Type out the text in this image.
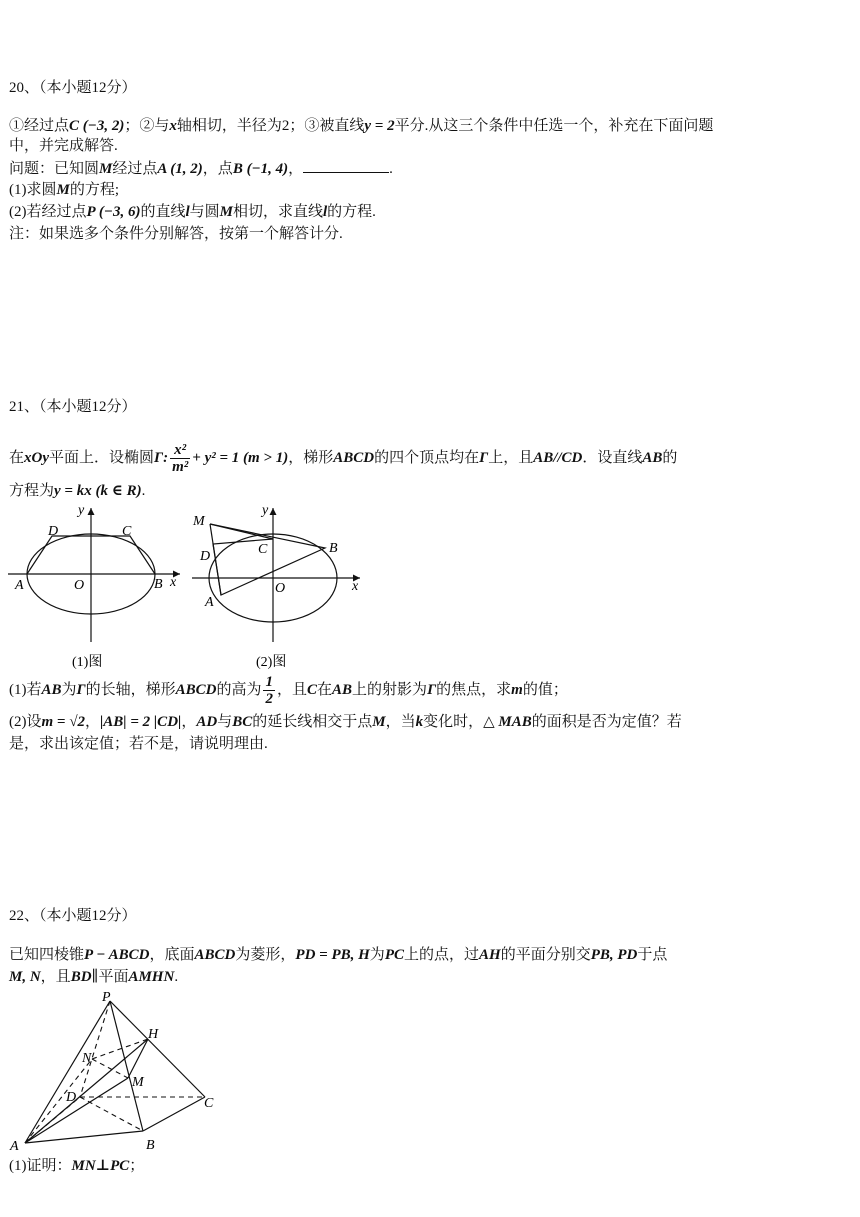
20、（本小题12分）
①经过点C (−3, 2)；②与x轴相切，半径为2；③被直线y = 2平分.从这三个条件中任选一个，补充在下面问题
中，并完成解答.
问题：已知圆M经过点A (1, 2)，点B (−1, 4)，	.
(1)求圆M的方程;
(2)若经过点P (−3, 6)的直线l与圆M相切，求直线l的方程.
注：如果选多个条件分别解答，按第一个解答计分.
21、（本小题12分）
在xOy平面上．设椭圆Γ: $\frac{\text{x²}}{\text{m²}} + y^2 = 1$ (m > 1)，梯形ABCD的四个顶点均在Γ上，且AB//CD．设直线AB的
方程为y = kx (k ∈ R).
y
x
O
A	B
C
D
(1)图
y
x
O
A
B
C
D
M
(2)图
(1)若AB为Γ的长轴，梯形ABCD的高为 $\frac{1}{2}$ ，且C在AB上的射影为Γ的焦点，求m的值；
(2)设m = √2，|AB| = 2 |CD|，AD与BC的延长线相交于点M，当k变化时，△ MAB的面积是否为定值？若
是，求出该定值；若不是，请说明理由.
22、（本小题12分）
已知四棱锥P − ABCD，底面ABCD为菱形，PD = PB, H为PC上的点，过AH的平面分别交PB, PD于点
M, N，且BD∥平面AMHN.
P
H
N
M
D	C
A	B
(1)证明：MN⊥PC；
